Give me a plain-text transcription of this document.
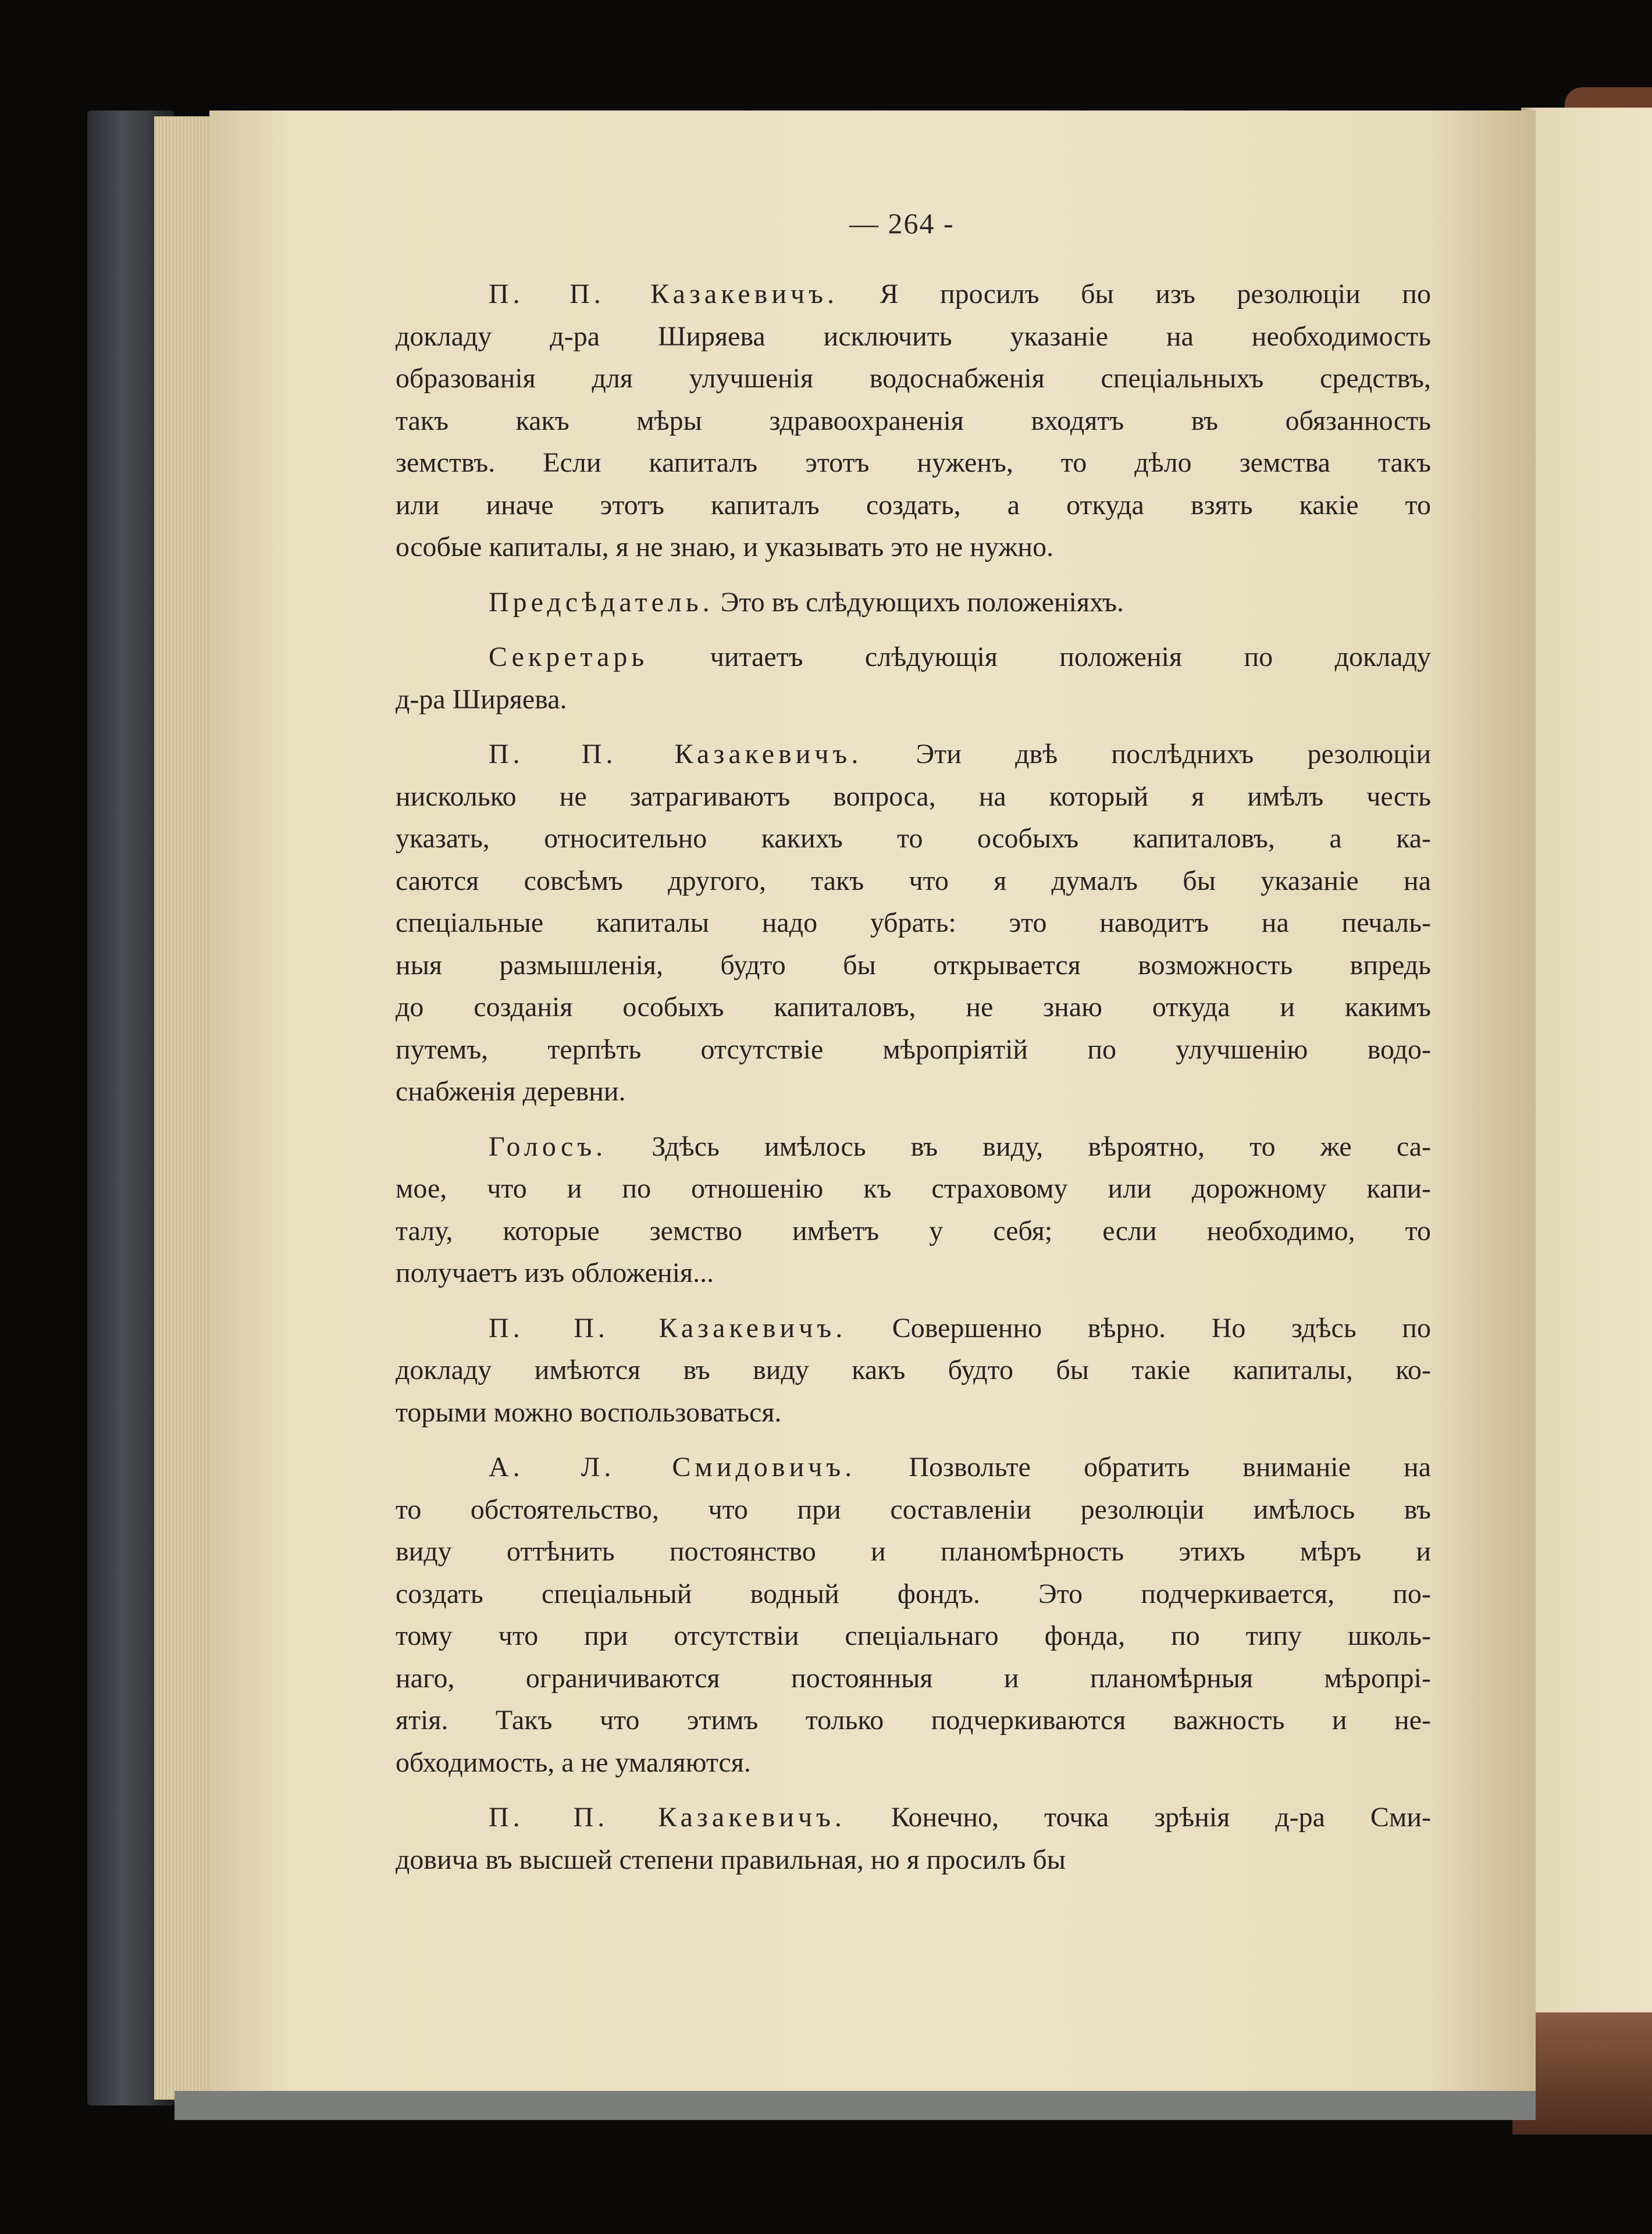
— 264 -
П. П. Казакевичъ. Я просилъ бы изъ резолюціи по
докладу д-ра Ширяева исключить указаніе на необходимость
образованія для улучшенія водоснабженія спеціальныхъ средствъ,
такъ какъ мѣры здравоохраненія входятъ въ обязанность
земствъ. Если капиталъ этотъ нуженъ, то дѣло земства такъ
или иначе этотъ капиталъ создать, а откуда взять какіе то
особые капиталы, я не знаю, и указывать это не нужно.
Предсѣдатель. Это въ слѣдующихъ положеніяхъ.
Секретарь читаетъ слѣдующія положенія по докладу
д-ра Ширяева.
П. П. Казакевичъ. Эти двѣ послѣднихъ резолюціи
нисколько не затрагиваютъ вопроса, на который я имѣлъ честь
указать, относительно какихъ то особыхъ капиталовъ, а ка-
саются совсѣмъ другого, такъ что я думалъ бы указаніе на
спеціальные капиталы надо убрать: это наводитъ на печаль-
ныя размышленія, будто бы открывается возможность впредь
до созданія особыхъ капиталовъ, не знаю откуда и какимъ
путемъ, терпѣть отсутствіе мѣропріятій по улучшенію водо-
снабженія деревни.
Голосъ. Здѣсь имѣлось въ виду, вѣроятно, то же са-
мое, что и по отношенію къ страховому или дорожному капи-
талу, которые земство имѣетъ у себя; если необходимо, то
получаетъ изъ обложенія...
П. П. Казакевичъ. Совершенно вѣрно. Но здѣсь по
докладу имѣются въ виду какъ будто бы такіе капиталы, ко-
торыми можно воспользоваться.
А. Л. Смидовичъ. Позвольте обратить вниманіе на
то обстоятельство, что при составленіи резолюціи имѣлось въ
виду оттѣнить постоянство и планомѣрность этихъ мѣръ и
создать спеціальный водный фондъ. Это подчеркивается, по-
тому что при отсутствіи спеціальнаго фонда, по типу школь-
наго, ограничиваются постоянныя и планомѣрныя мѣропрі-
ятія. Такъ что этимъ только подчеркиваются важность и не-
обходимость, а не умаляются.
П. П. Казакевичъ. Конечно, точка зрѣнія д-ра Сми-
довича въ высшей степени правильная, но я просилъ бы
